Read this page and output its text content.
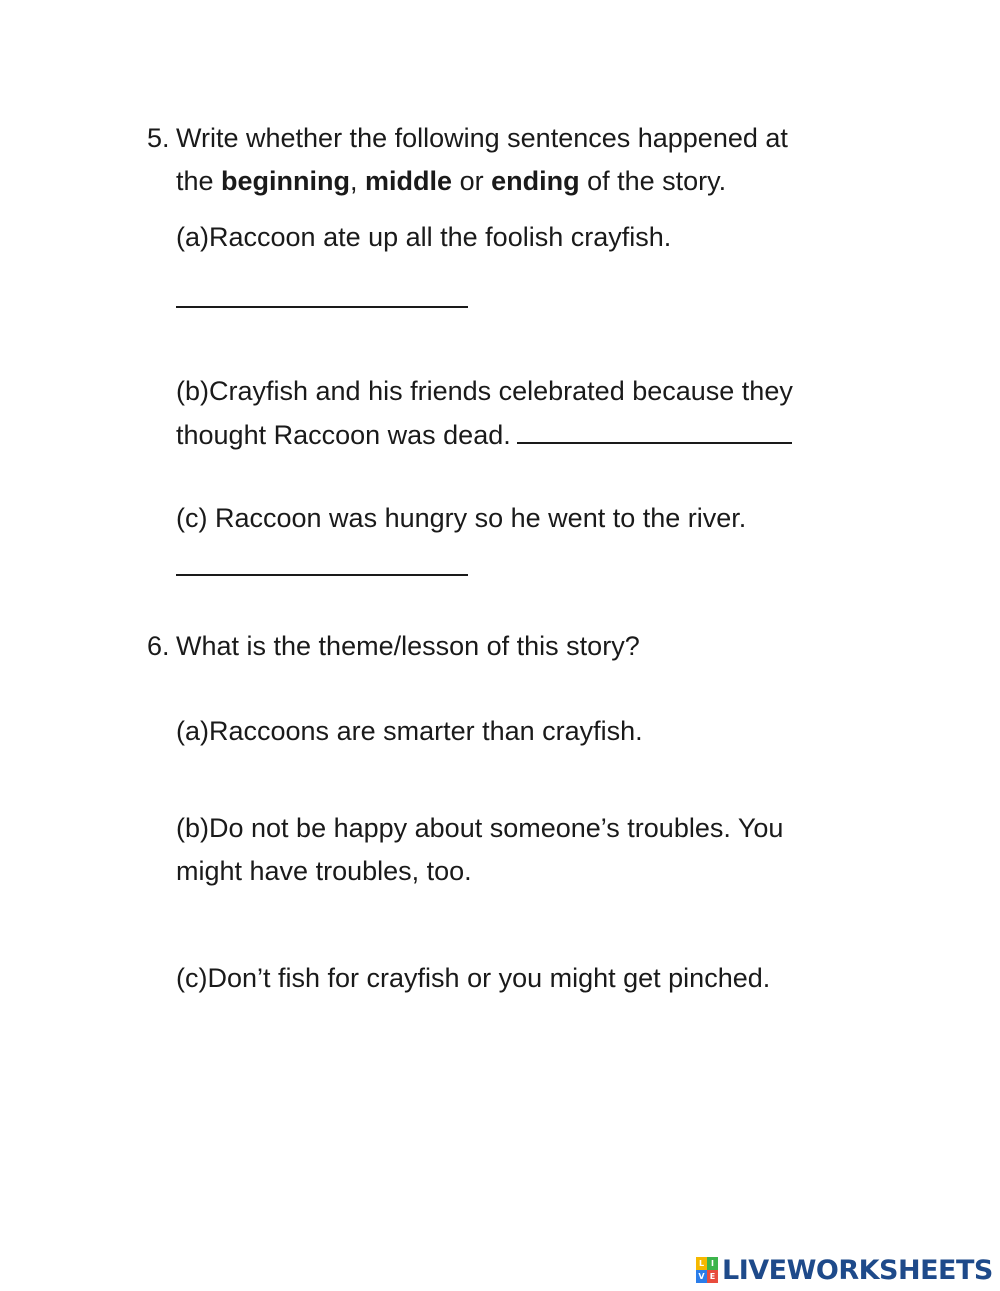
5. Write whether the following sentences happened at
the beginning, middle or ending of the story.
(a)Raccoon ate up all the foolish crayfish.
(b)Crayfish and his friends celebrated because they
thought Raccoon was dead.
(c) Raccoon was hungry so he went to the river.
6. What is the theme/lesson of this story?
(a)Raccoons are smarter than crayfish.
(b)Do not be happy about someone’s troubles. You
might have troubles, too.
(c)Don’t fish for crayfish or you might get pinched.
L I
V E LIVEWORKSHEETS
